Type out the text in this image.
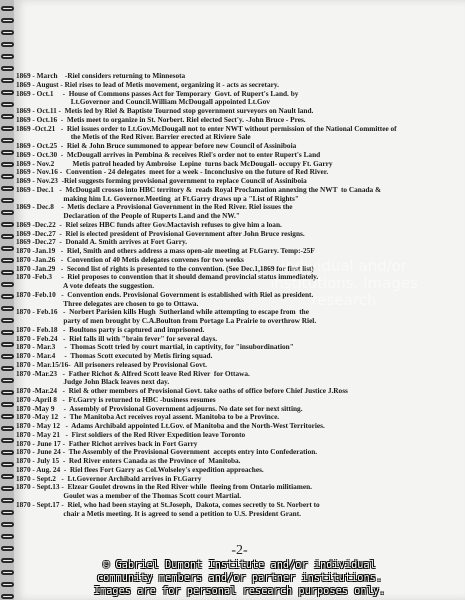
1869 - March    -Riel considers returning to Minnesota
1869 - August - Riel rises to lead of Metis movement, organizing it - acts as secretary.
1869 - Oct.1     -  House of Commons passes Act for Temporary  Govt. of Rupert's Land. by
Lt.Governor and Council.William McDougall appointed Lt.Gov
1869 - Oct.11 -  Metis led by Riel & Baptiste Tournod stop government surveyors on Nault land.
1869 - Oct.16  -  Metis meet to organize in St. Norbert. Riel elected Sect'y. -John Bruce - Pres.
1869 -Oct.21   -  Riel issues order to Lt.Gov.McDougall not to enter NWT without permission of the National Committee of
the Metis of the Red River. Barrier erected at Riviere Sale
1869 - Oct.25  -  Riel & John Bruce summoned to appear before new Council of Assiniboia
1869 - Oct.30  -  McDougall arrives in Pembina & receives Riel's order not to enter Rupert's Land
1869 - Nov.2          Metis patrol headed by Ambroise  Lepine  turns back McDougall- occupy Ft. Garry
1869 - Nov.16 -  Convention - 24 delegates  meet for a week - Inconclusive on the future of Red River.
1869 - Nov.23  -Riel suggests forming provisional government to replace Council of Assiniboia
1869 - Dec.1   -  McDougall crosses into HBC territory &  reads Royal Proclamation annexing the NWT  to Canada &
making him Lt. Governor.Meeting  at Ft.Garry draws up a "List of Rights"
1869 - Dec.8    -  Metis declare a Provisional Government in the Red River. Riel issues the
Declaration of the People of Ruperts Land and the NW."
1869 -Dec.22  -  Riel seizes HBC funds after Gov.Mactavish refuses to give him a loan.
1869 -Dec.27  -  Riel is elected president of Provisional Government after John Bruce resigns.
1869 -Dec.27  -  Donald A. Smith arrives at Fort Garry.
1870 -Jan.19   -  Riel, Smith and others address a mass open-air meeting at Ft.Garry. Temp:-25F
1870 -Jan.26   -  Convention of 40 Metis delegates convenes for two weeks
1870 -Jan.29   -  Second list of rights is presented to the convention. (See Dec.1,1869 for first list)
1870 -Feb.3     -  Riel proposes to convention that it should demand provincial status immediately.
A vote defeats the suggestion.
1870 -Feb.10   -  Convention ends. Provisional Government is established with Riel as president.
Three delegates are chosen to go to Ottawa.
1870 - Feb.16   -  Norbert Parisien kills Hugh  Sutherland while attempting to escape from  the
party of men brought by C.A.Boulton from Portage La Prairie to overthrow Riel.
1870 - Feb.18   -  Boultons party is captured and imprisoned.
1870 - Feb.24   -  Riel falls ill with "brain fever" for several days.
1870 - Mar.3     -  Thomas Scott tried by court martial, in captivity, for "insubordination"
1870 - Mar.4     -  Thomas Scott executed by Metis firing squad.
1870 - Mar.15/16-  All prisoners released by Provisional Govt.
1870 -Mar.23   -  Father Richot & Alfred Scott leave Red River  for Ottawa.
Judge John Black leaves next day.
1870 -Mar.24   -  Riel & other members of Provisional Govt. take oaths of office before Chief Justice J.Ross
1870 -April 8   -  Ft.Garry is returned to HBC -business resumes
1870 -May 9     -  Assembly of Provisional Government adjourns. No date set for next sitting.
1870 -May 12   -  The Manitoba Act receives royal assent. Manitoba to be a Province.
1870 - May 12   -  Adams Archibald appointed Lt.Gov. of Manitoba and the North-West Territories.
1870 - May 21   -  First soldiers of the Red River Expedition leave Toronto
1870 - June 17 -  Father Richot arrives back in Fort Garry
1870 - June 24 -  The Assembly of the Provisional Government  accepts entry into Confederation.
1870 - July 15  -  Red River enters Canada as the Province of  Manitoba.
1870 - Aug. 24  -  Riel flees Fort Garry as Col.Wolseley's expedition approaches.
1870 - Sept.2   -  Lt.Governor Archibald arrives in Ft.Garry
1870 - Sept.13 -  Elzear Goulet drowns in the Red River while  fleeing from Ontario militiamen.
Goulet was a member of the Thomas Scott court Martial.
1870 - Sept.17 -  Riel, who had been staying at St.Joseph,  Dakota, comes secretly to St. Norbert to
chair a Metis meeting. It is agreed to send a petition to U.S. President Grant.
individual and/or institutions. Images research
-2-
© Gabriel Dumont Institute and/or individual
community members and/or partner institutions.
Images are for personal research purposes only.
